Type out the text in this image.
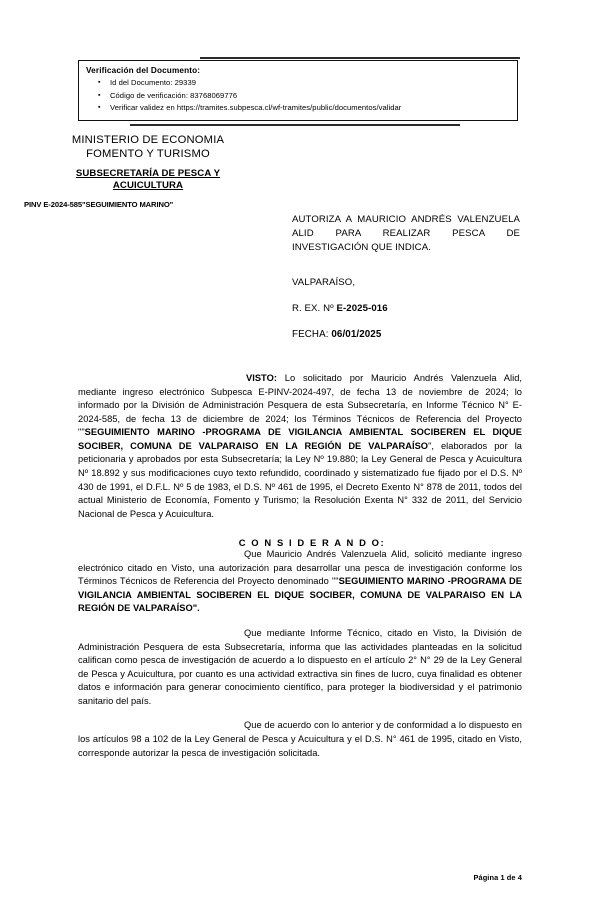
Verificación del Documento:
▪ Id del Documento: 29339
▪ Código de verificación: 83768069776
▪ Verificar validez en https://tramites.subpesca.cl/wf-tramites/public/documentos/validar
MINISTERIO DE ECONOMIA
FOMENTO Y TURISMO
SUBSECRETARÍA DE PESCA Y
ACUICULTURA
PINV E-2024-585"SEGUIMIENTO MARINO"
AUTORIZA A MAURICIO ANDRÉS VALENZUELA ALID PARA REALIZAR PESCA DE INVESTIGACIÓN QUE INDICA.
VALPARAÍSO,
R. EX. Nº E-2025-016
FECHA: 06/01/2025

VISTO: Lo solicitado por Mauricio Andrés Valenzuela Alid, mediante ingreso electrónico Subpesca E-PINV-2024-497, de fecha 13 de noviembre de 2024; lo informado por la División de Administración Pesquera de esta Subsecretaría, en Informe Técnico N° E-2024-585, de fecha 13 de diciembre de 2024; los Términos Técnicos de Referencia del Proyecto ""SEGUIMIENTO MARINO -PROGRAMA DE VIGILANCIA AMBIENTAL SOCIBEREN EL DIQUE SOCIBER, COMUNA DE VALPARAISO EN LA REGIÓN DE VALPARAÍSO", elaborados por la peticionaria y aprobados por esta Subsecretaría; la Ley Nº 19.880; la Ley General de Pesca y Acuicultura Nº 18.892 y sus modificaciones cuyo texto refundido, coordinado y sistematizado fue fijado por el D.S. Nº 430 de 1991, el D.F.L. Nº 5 de 1983, el D.S. Nº 461 de 1995, el Decreto Exento N° 878 de 2011, todos del actual Ministerio de Economía, Fomento y Turismo; la Resolución Exenta N° 332 de 2011, del Servicio Nacional de Pesca y Acuicultura.

C O N S I D E R A N D O:

Que Mauricio Andrés Valenzuela Alid, solicitó mediante ingreso electrónico citado en Visto, una autorización para desarrollar una pesca de investigación conforme los Términos Técnicos de Referencia del Proyecto denominado ""SEGUIMIENTO MARINO -PROGRAMA DE VIGILANCIA AMBIENTAL SOCIBEREN EL DIQUE SOCIBER, COMUNA DE VALPARAISO EN LA REGIÓN DE VALPARAÍSO".

Que mediante Informe Técnico, citado en Visto, la División de Administración Pesquera de esta Subsecretaría, informa que las actividades planteadas en la solicitud califican como pesca de investigación de acuerdo a lo dispuesto en el artículo 2° N° 29 de la Ley General de Pesca y Acuicultura, por cuanto es una actividad extractiva sin fines de lucro, cuya finalidad es obtener datos e información para generar conocimiento científico, para proteger la biodiversidad y el patrimonio sanitario del país.

Que de acuerdo con lo anterior y de conformidad a lo dispuesto en los artículos 98 a 102 de la Ley General de Pesca y Acuicultura y el D.S. N° 461 de 1995, citado en Visto, corresponde autorizar la pesca de investigación solicitada.

Página 1 de 4
